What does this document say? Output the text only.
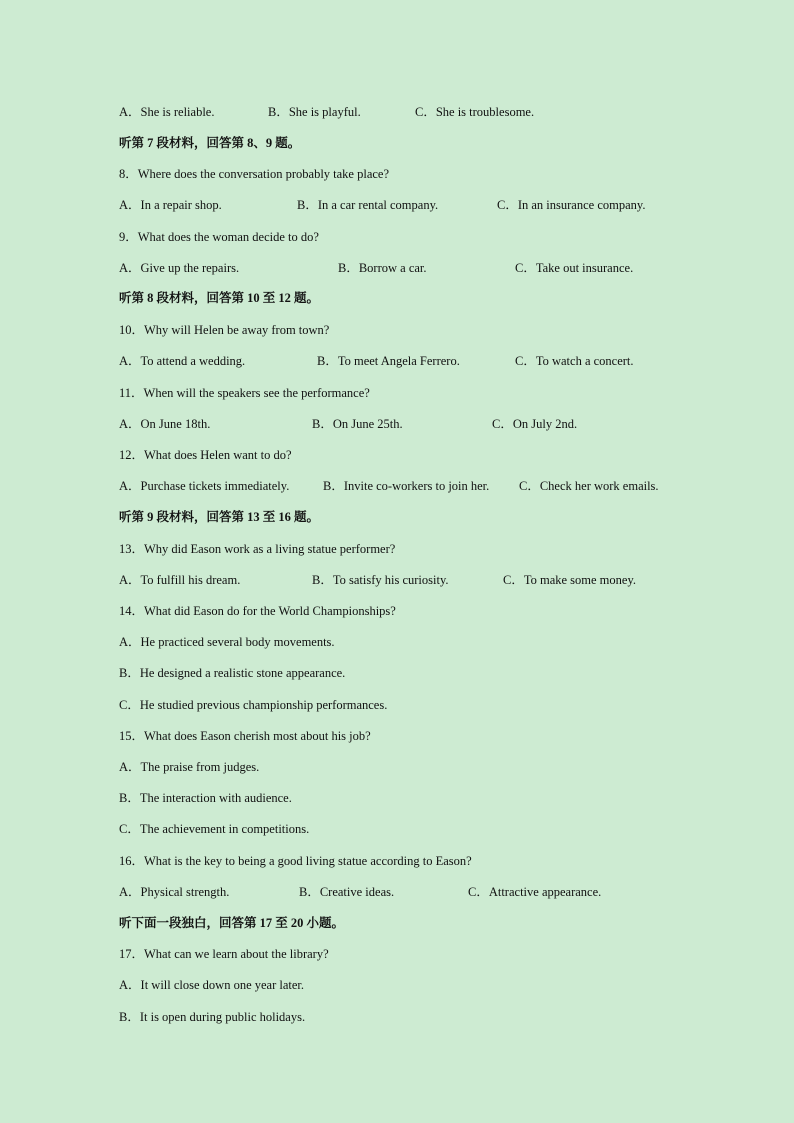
A．She is reliable.	B．She is playful.	C．She is troublesome.
听第 7 段材料，回答第 8、9 题。
8．Where does the conversation probably take place?
A．In a repair shop.	B．In a car rental company.	C．In an insurance company.
9．What does the woman decide to do?
A．Give up the repairs.	B．Borrow a car.	C．Take out insurance.
听第 8 段材料，回答第 10 至 12 题。
10．Why will Helen be away from town?
A．To attend a wedding.	B．To meet Angela Ferrero.	C．To watch a concert.
11．When will the speakers see the performance?
A．On June 18th.	B．On June 25th.	C．On July 2nd.
12．What does Helen want to do?
A．Purchase tickets immediately.	B．Invite co-workers to join her. C．Check her work emails.
听第 9 段材料，回答第 13 至 16 题。
13．Why did Eason work as a living statue performer?
A．To fulfill his dream.	B．To satisfy his curiosity.	C．To make some money.
14．What did Eason do for the World Championships?
A．He practiced several body movements.
B．He designed a realistic stone appearance.
C．He studied previous championship performances.
15．What does Eason cherish most about his job?
A．The praise from judges.
B．The interaction with audience.
C．The achievement in competitions.
16．What is the key to being a good living statue according to Eason?
A．Physical strength.	B．Creative ideas.	C．Attractive appearance.
听下面一段独白，回答第 17 至 20 小题。
17．What can we learn about the library?
A．It will close down one year later.
B．It is open during public holidays.
